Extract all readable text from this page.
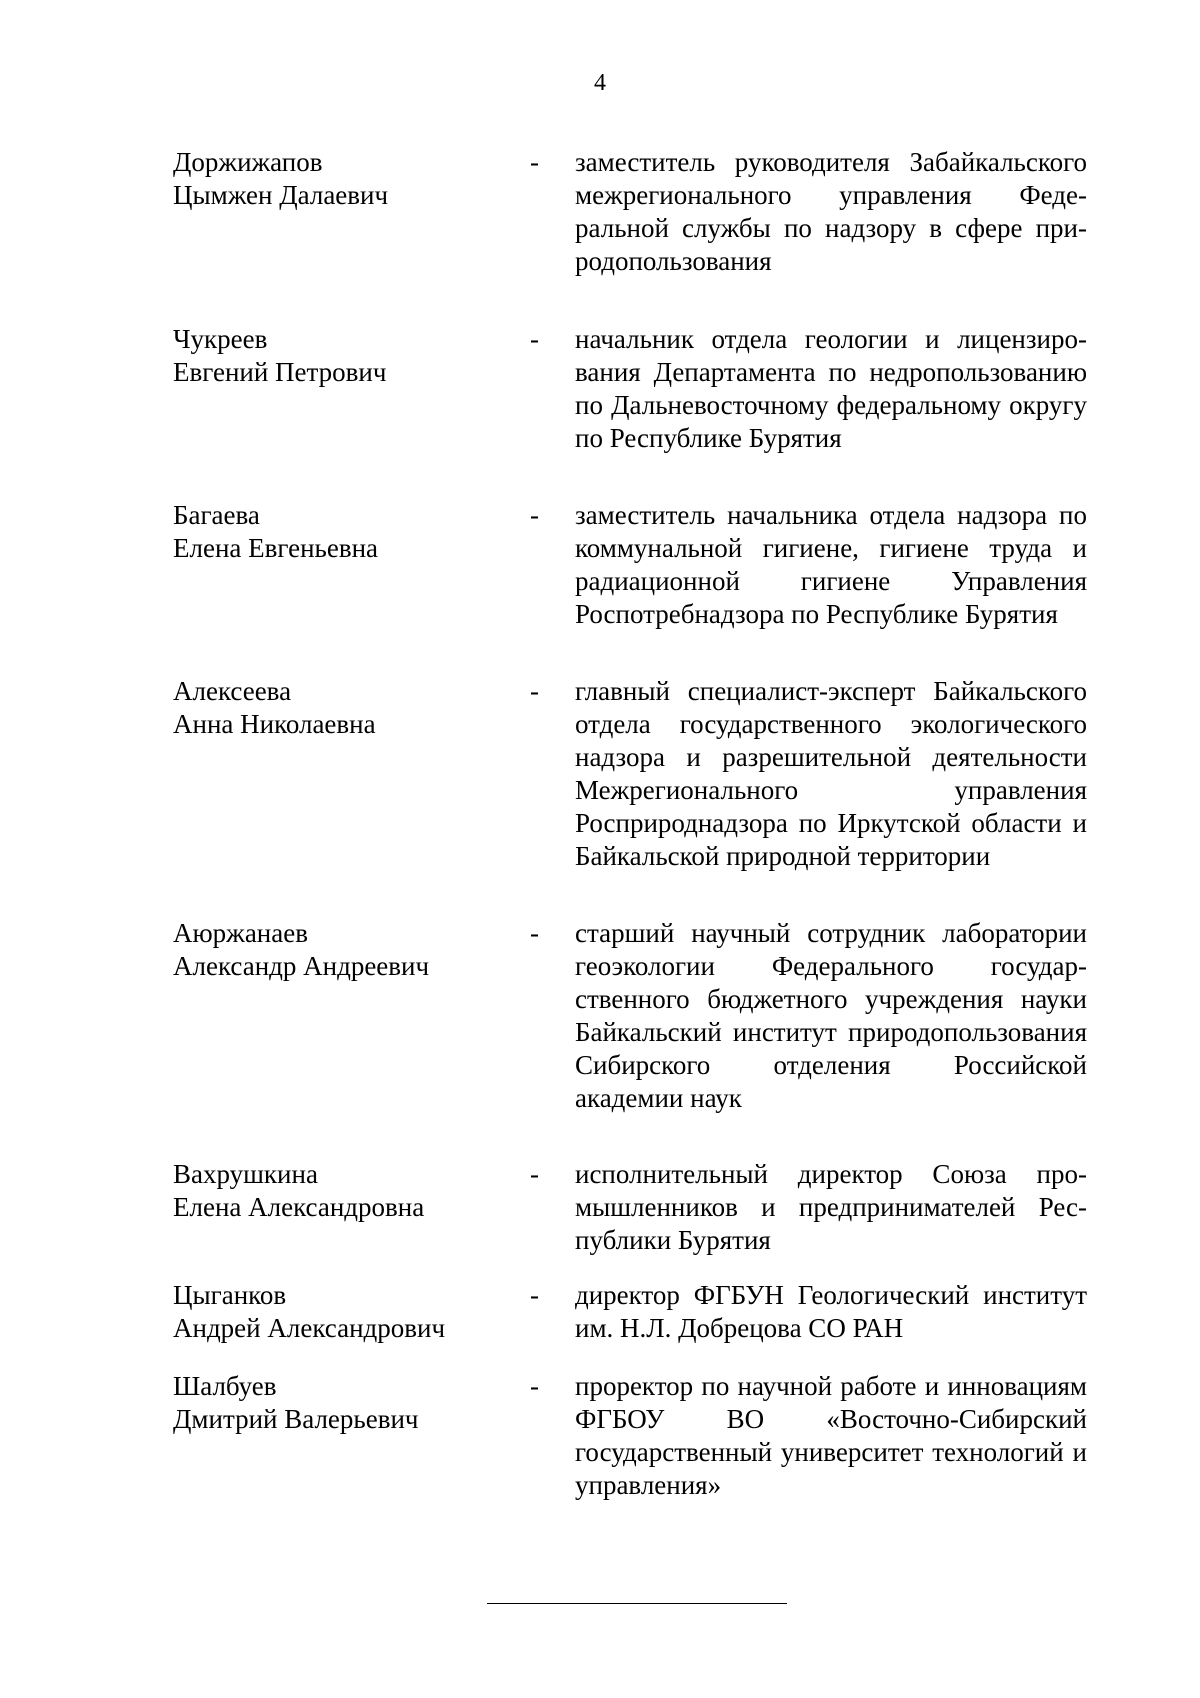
4
Доржижапов
Цымжен Далаевич
-	заместитель руководителя Забайкальского межрегионального управления Федеральной службы по надзору в сфере природопользования
Чукреев
Евгений Петрович
-	начальник отдела геологии и лицензирования Департамента по недропользованию по Дальневосточному федеральному округу по Республике Бурятия
Багаева
Елена Евгеньевна
-	заместитель начальника отдела надзора по коммунальной гигиене, гигиене труда и радиационной гигиене Управления Роспотребнадзора по Республике Бурятия
Алексеева
Анна Николаевна
-	главный специалист-эксперт Байкальского отдела государственного экологического надзора и разрешительной деятельности Межрегионального управления Росприроднадзора по Иркутской области и Байкальской природной территории
Аюржанаев
Александр Андреевич
-	старший научный сотрудник лаборатории геоэкологии Федерального государственного бюджетного учреждения науки Байкальский институт природопользования Сибирского отделения Российской академии наук
Вахрушкина
Елена Александровна
-	исполнительный директор Союза промышленников и предпринимателей Республики Бурятия
Цыганков
Андрей Александрович
-	директор ФГБУН Геологический институт им. Н.Л. Добрецова СО РАН
Шалбуев
Дмитрий Валерьевич
-	проректор по научной работе и инновациям ФГБОУ ВО «Восточно-Сибирский государственный университет технологий и управления»
